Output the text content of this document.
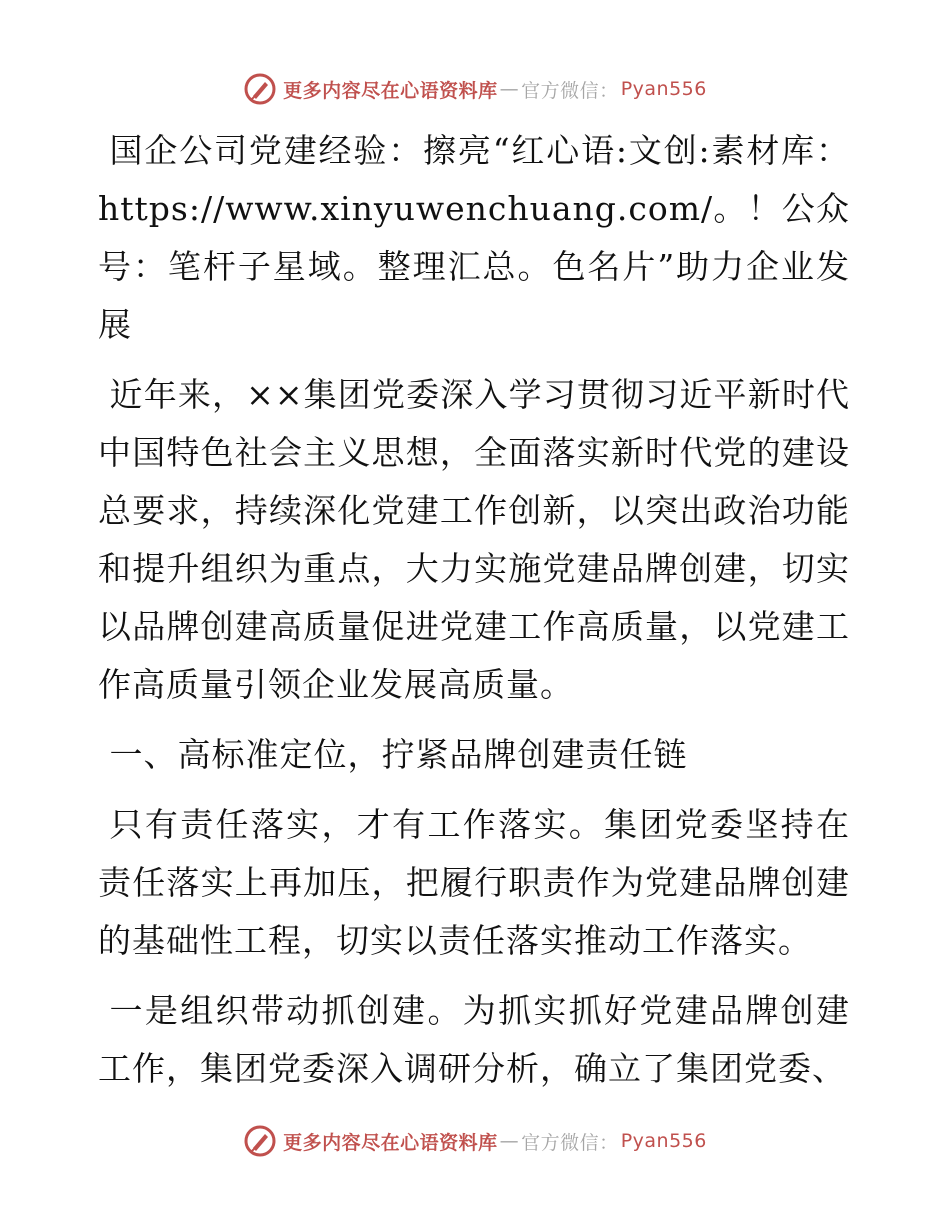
更多内容尽在心语资料库 — 官方微信： Pyan556

国企公司党建经验：擦亮“红心语:文创:素材库：https://www.xinyuwenchuang.com/。！公众号：笔杆子星域。整理汇总。色名片”助力企业发展

近年来，××集团党委深入学习贯彻习近平新时代中国特色社会主义思想，全面落实新时代党的建设总要求，持续深化党建工作创新，以突出政治功能和提升组织为重点，大力实施党建品牌创建，切实以品牌创建高质量促进党建工作高质量，以党建工作高质量引领企业发展高质量。

一、高标准定位，拧紧品牌创建责任链

只有责任落实，才有工作落实。集团党委坚持在责任落实上再加压，把履行职责作为党建品牌创建的基础性工程，切实以责任落实推动工作落实。

一是组织带动抓创建。为抓实抓好党建品牌创建工作，集团党委深入调研分析，确立了集团党委、

更多内容尽在心语资料库 — 官方微信： Pyan556
